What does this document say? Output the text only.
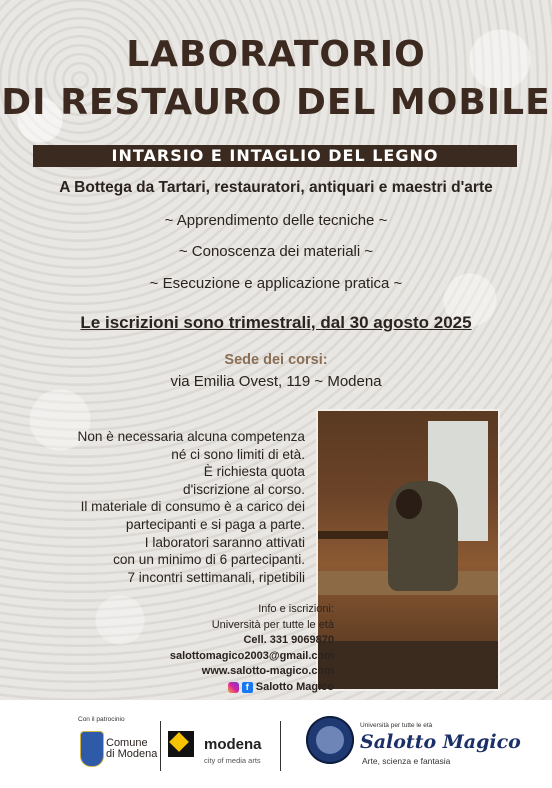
LABORATORIO
DI RESTAURO DEL MOBILE
INTARSIO E INTAGLIO DEL LEGNO
A Bottega da Tartari, restauratori, antiquari e maestri d'arte
~ Apprendimento delle tecniche ~
~ Conoscenza dei materiali ~
~ Esecuzione e applicazione pratica ~
Le iscrizioni sono trimestrali, dal 30 agosto 2025
Sede dei corsi:
via Emilia Ovest, 119 ~ Modena

Non è necessaria alcuna competenza

né ci sono limiti di età.

È richiesta quota

d'iscrizione al corso.

Il materiale di consumo è a carico dei

partecipanti e si paga a parte.

I laboratori saranno attivati

con un minimo di 6 partecipanti.

7 incontri settimanali, ripetibili

Info e iscrizioni:
Università per tutte le età
Cell. 331 9069870
salottomagico2003@gmail.com
www.salotto-magico.com
f Salotto Magico
Con il patrocinio
Comune
di Modena
modena
city of media arts
Università per tutte le età
Salotto Magico
Arte, scienza e fantasia
